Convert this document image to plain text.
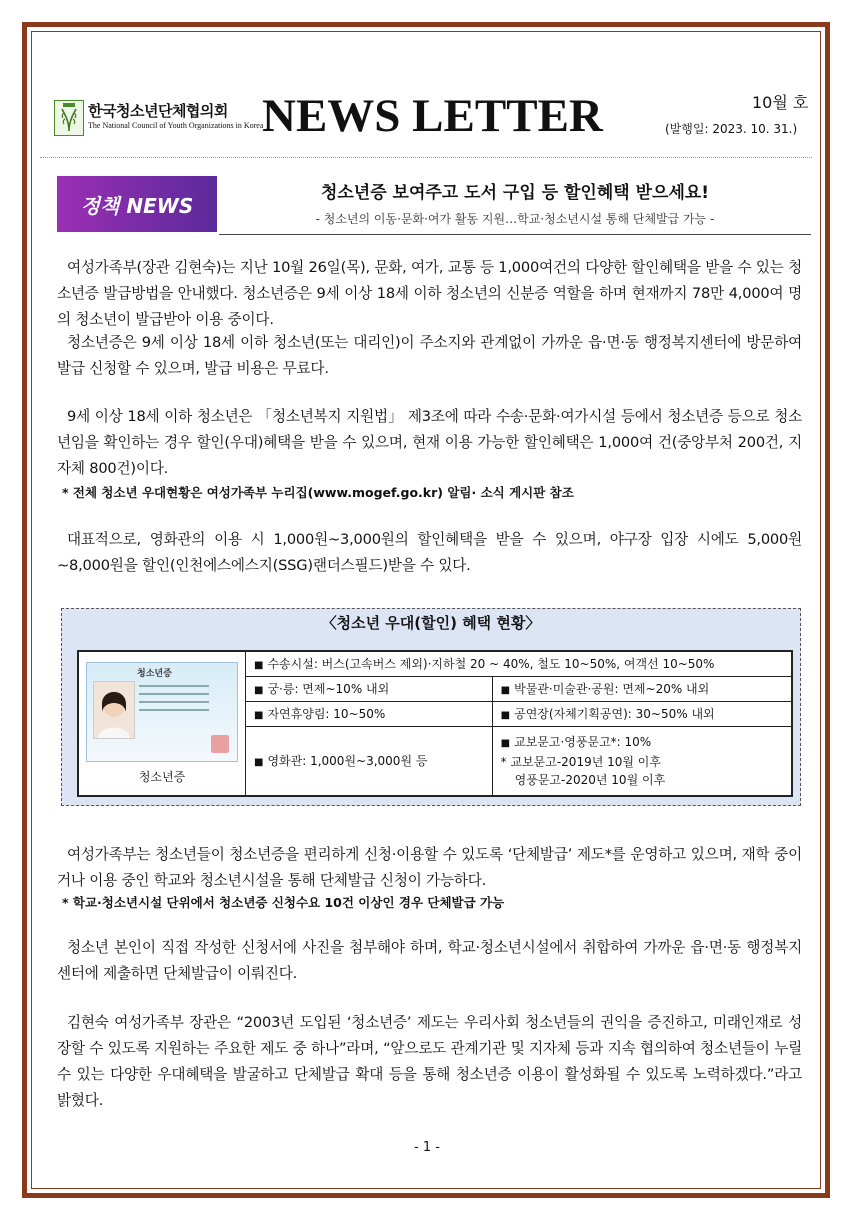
한국청소년단체협의회
The National Council of Youth Organizations in Korea
NEWS LETTER	10월 호
(발행일: 2023. 10. 31.)
정책 NEWS
청소년증 보여주고 도서 구입 등 할인혜택 받으세요!
- 청소년의 이동·문화·여가 활동 지원…학교·청소년시설 통해 단체발급 가능 -
여성가족부(장관 김현숙)는 지난 10월 26일(목), 문화, 여가, 교통 등 1,000여건의 다양한 할인혜택을 받을 수 있는 청소년증 발급방법을 안내했다. 청소년증은 9세 이상 18세 이하 청소년의 신분증 역할을 하며 현재까지 78만 4,000여 명의 청소년이 발급받아 이용 중이다.
청소년증은 9세 이상 18세 이하 청소년(또는 대리인)이 주소지와 관계없이 가까운 읍·면·동 행정복지센터에 방문하여 발급 신청할 수 있으며, 발급 비용은 무료다.
9세 이상 18세 이하 청소년은 「청소년복지 지원법」 제3조에 따라 수송·문화·여가시설 등에서 청소년증 등으로 청소년임을 확인하는 경우 할인(우대)혜택을 받을 수 있으며, 현재 이용 가능한 할인혜택은 1,000여 건(중앙부처 200건, 지자체 800건)이다.
* 전체 청소년 우대현황은 여성가족부 누리집(www.mogef.go.kr) 알림· 소식 게시판 참조
대표적으로, 영화관의 이용 시 1,000원~3,000원의 할인혜택을 받을 수 있으며, 야구장 입장 시에도 5,000원~8,000원을 할인(인천에스에스지(SSG)랜더스필드)받을 수 있다.
〈청소년 우대(할인) 혜택 현황〉
청소년증
청소년증	■ 수송시설: 버스(고속버스 제외)·지하철 20 ~ 40%, 철도 10~50%, 여객선 10~50%	
	■ 궁·릉: 면제~10% 내외	■ 박물관·미술관·공원: 면제~20% 내외
	■ 자연휴양림: 10~50%	■ 공연장(자체기획공연): 30~50% 내외
	■ 영화관: 1,000원~3,000원 등	■ 교보문고·영풍문고*: 10%
* 교보문고-2019년 10월 이후
영풍문고-2020년 10월 이후
여성가족부는 청소년들이 청소년증을 편리하게 신청·이용할 수 있도록 ‘단체발급’ 제도*를 운영하고 있으며, 재학 중이거나 이용 중인 학교와 청소년시설을 통해 단체발급 신청이 가능하다.
* 학교·청소년시설 단위에서 청소년증 신청수요 10건 이상인 경우 단체발급 가능
청소년 본인이 직접 작성한 신청서에 사진을 첨부해야 하며, 학교·청소년시설에서 취합하여 가까운 읍·면·동 행정복지센터에 제출하면 단체발급이 이뤄진다.
김현숙 여성가족부 장관은 “2003년 도입된 ‘청소년증’ 제도는 우리사회 청소년들의 권익을 증진하고, 미래인재로 성장할 수 있도록 지원하는 주요한 제도 중 하나”라며, “앞으로도 관계기관 및 지자체 등과 지속 협의하여 청소년들이 누릴 수 있는 다양한 우대혜택을 발굴하고 단체발급 확대 등을 통해 청소년증 이용이 활성화될 수 있도록 노력하겠다.”라고 밝혔다.
- 1 -
